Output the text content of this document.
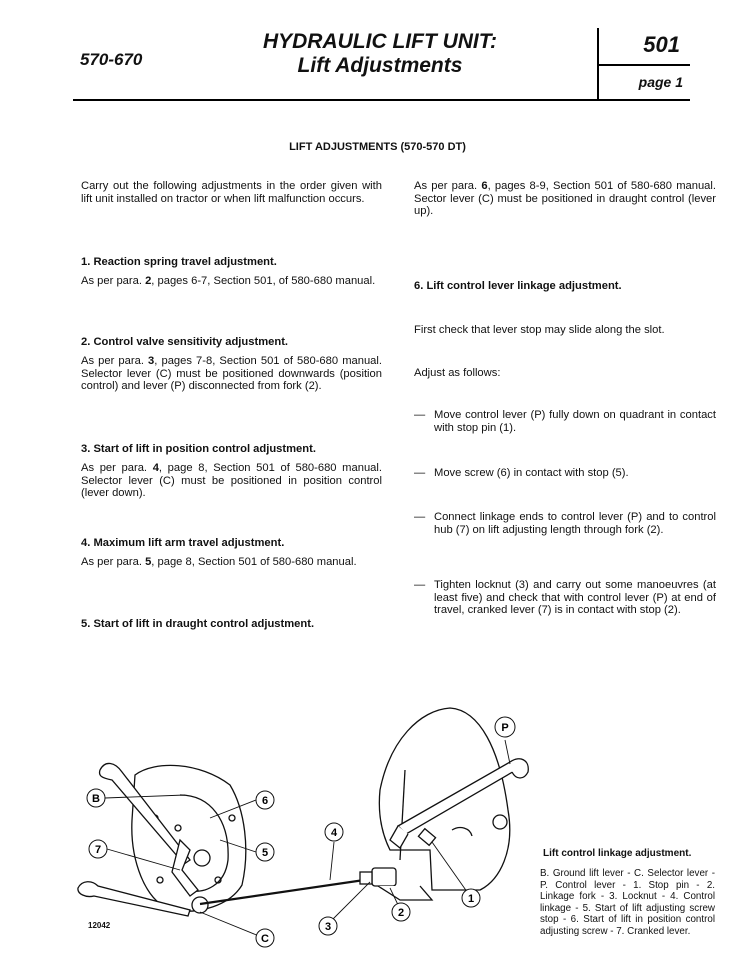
570-670
HYDRAULIC LIFT UNIT:
Lift Adjustments
501
page 1
LIFT ADJUSTMENTS (570-570 DT)
Carry out the following adjustments in the order given with lift unit installed on tractor or when lift malfunction occurs.
1. Reaction spring travel adjustment.
As per para. 2, pages 6-7, Section 501, of 580-680 manual.
2. Control valve sensitivity adjustment.
As per para. 3, pages 7-8, Section 501 of 580-680 manual. Selector lever (C) must be positioned downwards (position control) and lever (P) disconnected from fork (2).
3. Start of lift in position control adjustment.
As per para. 4, page 8, Section 501 of 580-680 manual. Selector lever (C) must be positioned in position control (lever down).
4. Maximum lift arm travel adjustment.
As per para. 5, page 8, Section 501 of 580-680 manual.
5. Start of lift in draught control adjustment.
As per para. 6, pages 8-9, Section 501 of 580-680 manual. Sector lever (C) must be positioned in draught control (lever up).
6. Lift control lever linkage adjustment.
First check that lever stop may slide along the slot.
Adjust as follows:
— Move control lever (P) fully down on quadrant in contact with stop pin (1).
— Move screw (6) in contact with stop (5).
— Connect linkage ends to control lever (P) and to control hub (7) on lift adjusting length through fork (2).
— Tighten locknut (3) and carry out some manoeuvres (at least five) and check that with control lever (P) at end of travel, cranked lever (7) is in contact with stop (2).
B	6
7	5
4
3
2
1
P
C
12042
Lift control linkage adjustment.
B. Ground lift lever - C. Selector lever - P. Control lever - 1. Stop pin - 2. Linkage fork - 3. Locknut - 4. Control linkage - 5. Start of lift adjusting screw stop - 6. Start of lift in position control adjusting screw - 7. Cranked lever.
